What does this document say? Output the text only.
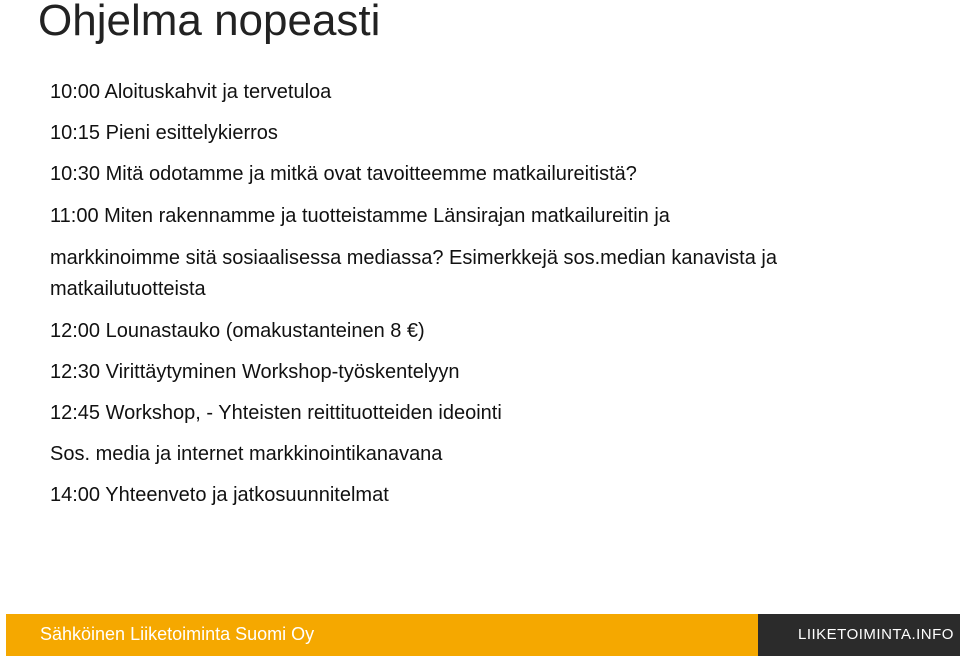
Ohjelma nopeasti
10:00 Aloituskahvit ja tervetuloa
10:15 Pieni esittelykierros
10:30 Mitä odotamme ja mitkä ovat tavoitteemme matkailureitistä?
11:00 Miten rakennamme ja tuotteistamme Länsirajan matkailureitin ja
markkinoimme sitä sosiaalisessa mediassa? Esimerkkejä sos.median kanavista ja
matkailutuotteista
12:00 Lounastauko (omakustanteinen 8 €)
12:30 Virittäytyminen Workshop-työskentelyyn
12:45 Workshop, - Yhteisten reittituotteiden ideointi
Sos. media ja internet markkinointikanavana
14:00 Yhteenveto ja jatkosuunnitelmat
Sähköinen Liiketoiminta Suomi Oy	LIIKETOIMINTA.INFO
